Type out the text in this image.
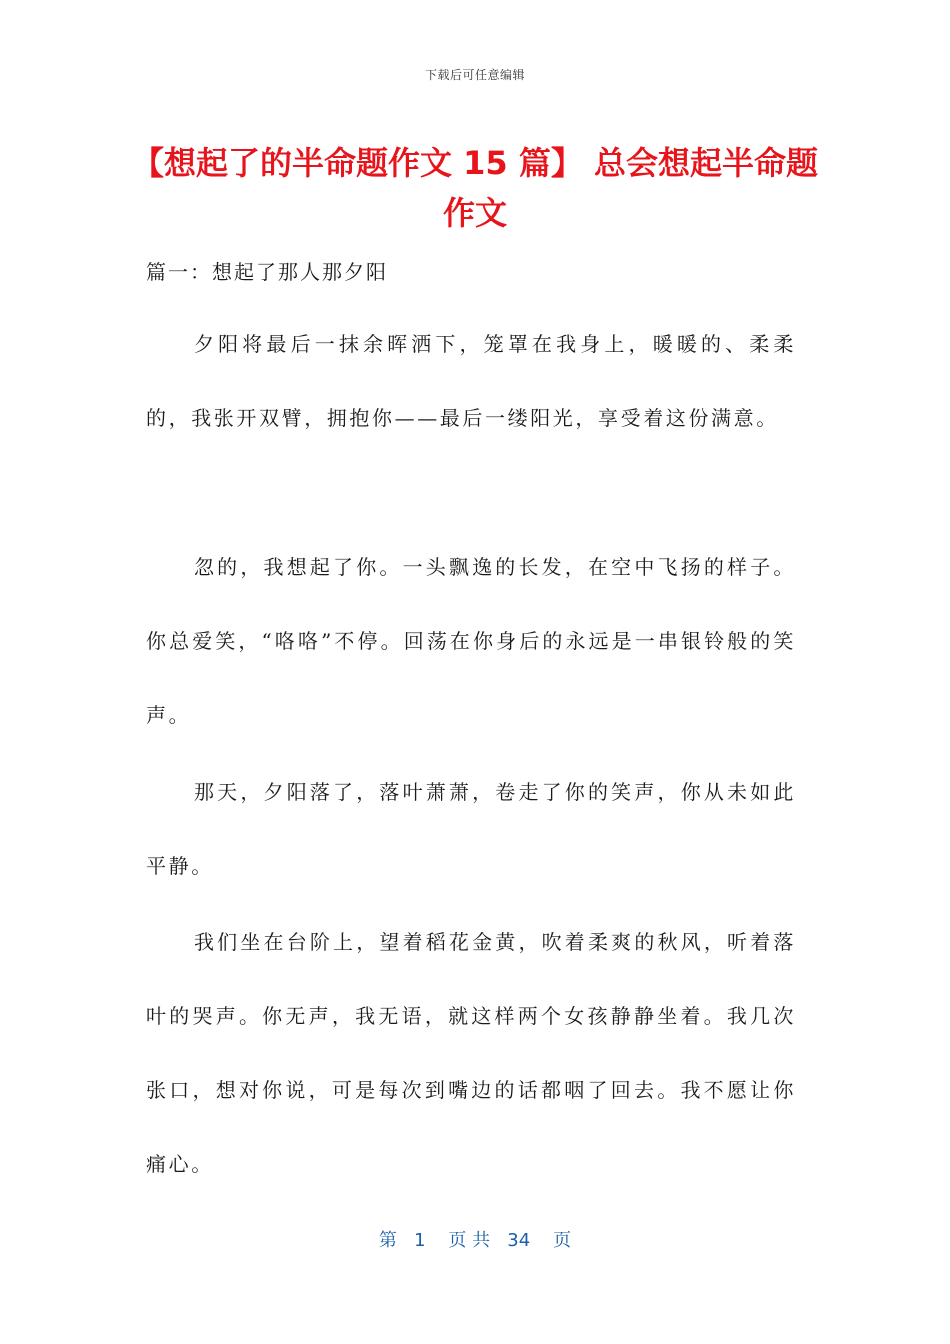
下载后可任意编辑
【想起了的半命题作文 15 篇】 总会想起半命题作文
篇一：想起了那人那夕阳

夕阳将最后一抹余晖洒下，笼罩在我身上，暖暖的、柔柔的，我张开双臂，拥抱你——最后一缕阳光，享受着这份满意。

忽的，我想起了你。一头飘逸的长发，在空中飞扬的样子。你总爱笑，“咯咯”不停。回荡在你身后的永远是一串银铃般的笑声。

那天，夕阳落了，落叶萧萧，卷走了你的笑声，你从未如此平静。

我们坐在台阶上，望着稻花金黄，吹着柔爽的秋风，听着落叶的哭声。你无声，我无语，就这样两个女孩静静坐着。我几次张口，想对你说，可是每次到嘴边的话都咽了回去。我不愿让你痛心。

第   1    页 共   34    页
